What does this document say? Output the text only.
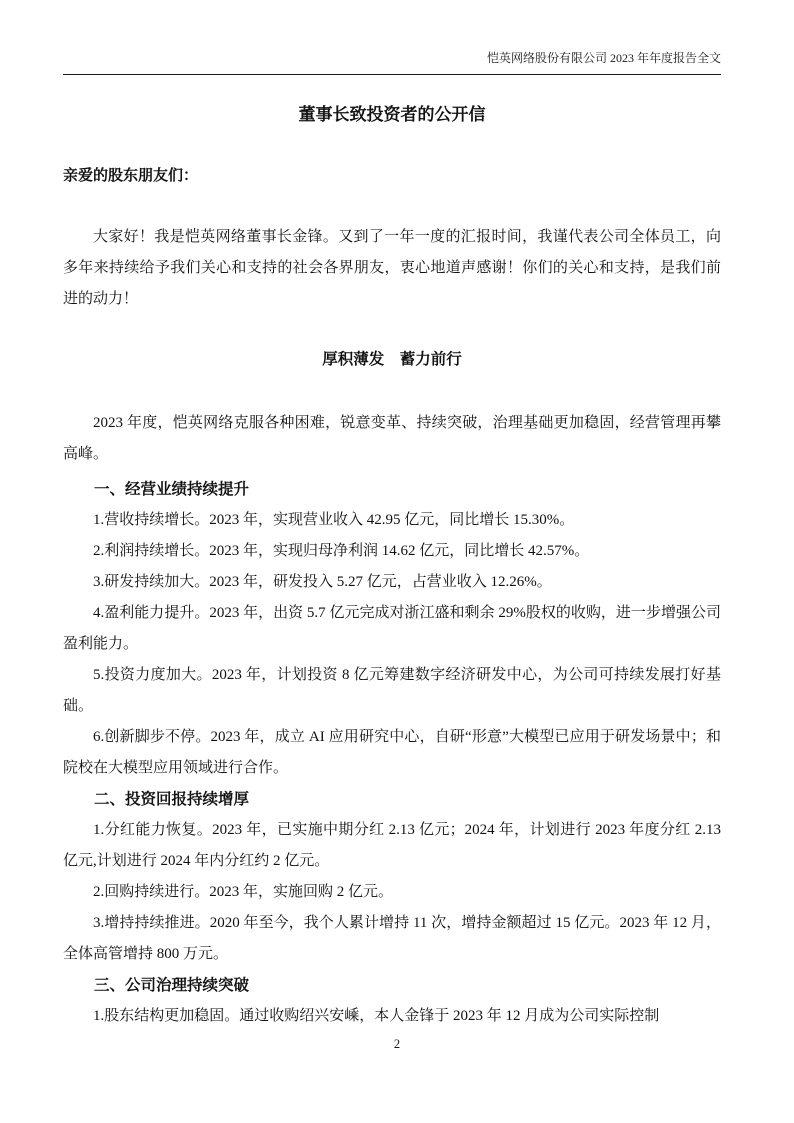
恺英网络股份有限公司 2023 年年度报告全文
董事长致投资者的公开信

亲爱的股东朋友们：

大家好！我是恺英网络董事长金锋。又到了一年一度的汇报时间，我谨代表公司全体员工，向多年来持续给予我们关心和支持的社会各界朋友，衷心地道声感谢！你们的关心和支持，是我们前进的动力！

厚积薄发　蓄力前行

2023 年度，恺英网络克服各种困难，锐意变革、持续突破，治理基础更加稳固，经营管理再攀高峰。

一、经营业绩持续提升

1.营收持续增长。2023 年，实现营业收入 42.95 亿元，同比增长 15.30%。

2.利润持续增长。2023 年，实现归母净利润 14.62 亿元，同比增长 42.57%。

3.研发持续加大。2023 年，研发投入 5.27 亿元，占营业收入 12.26%。

4.盈利能力提升。2023 年，出资 5.7 亿元完成对浙江盛和剩余 29%股权的收购，进一步增强公司盈利能力。

5.投资力度加大。2023 年，计划投资 8 亿元筹建数字经济研发中心，为公司可持续发展打好基础。

6.创新脚步不停。2023 年，成立 AI 应用研究中心，自研“形意”大模型已应用于研发场景中；和院校在大模型应用领域进行合作。

二、投资回报持续增厚

1.分红能力恢复。2023 年，已实施中期分红 2.13 亿元；2024 年，计划进行 2023 年度分红 2.13 亿元,计划进行 2024 年内分红约 2 亿元。

2.回购持续进行。2023 年，实施回购 2 亿元。

3.增持持续推进。2020 年至今，我个人累计增持 11 次，增持金额超过 15 亿元。2023 年 12 月，全体高管增持 800 万元。

三、公司治理持续突破

1.股东结构更加稳固。通过收购绍兴安嵊，本人金锋于 2023 年 12 月成为公司实际控制

2
